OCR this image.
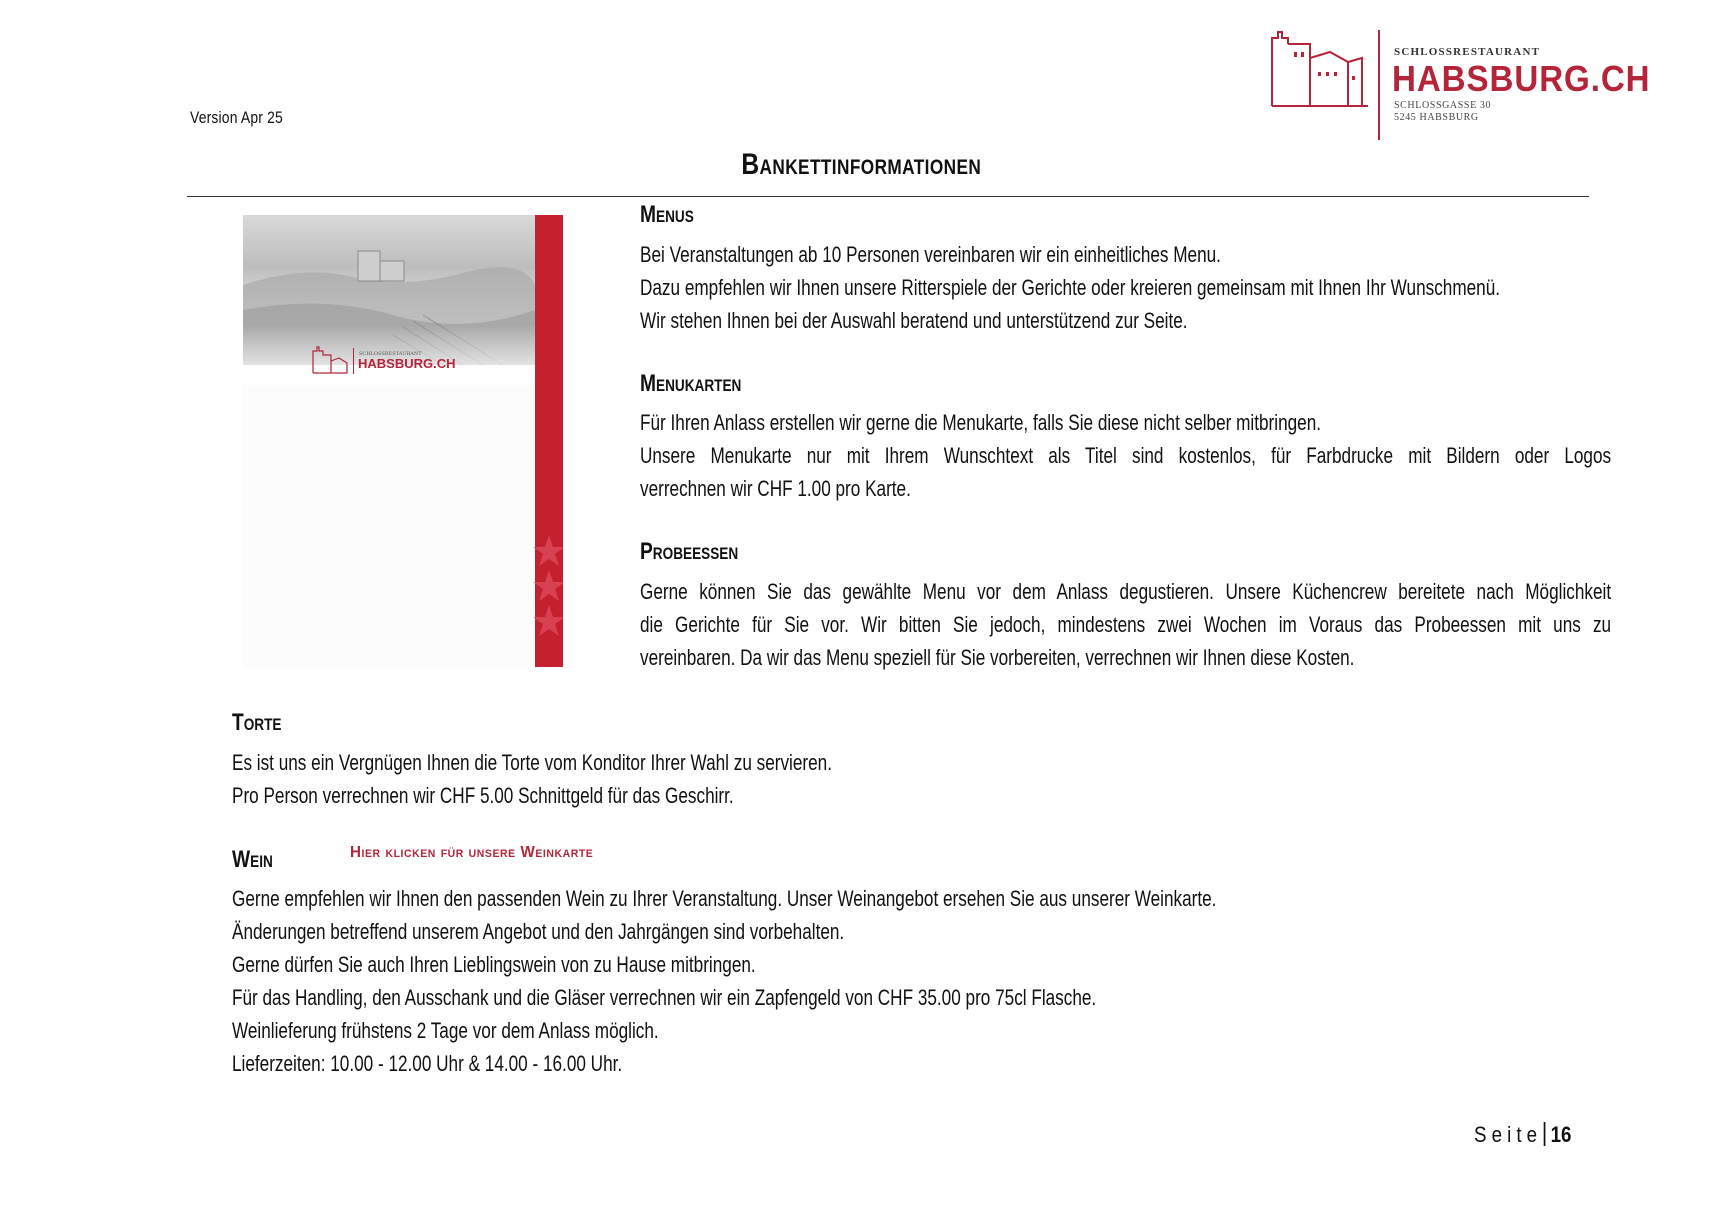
Version Apr 25
SCHLOSSRESTAURANT
HABSBURG.CH
SCHLOSSGASSE 30
5245 HABSBURG
Bankettinformationen
SCHLOSSRESTAURANT
HABSBURG.CH
Menus
Bei Veranstaltungen ab 10 Personen vereinbaren wir ein einheitliches Menu.
Dazu empfehlen wir Ihnen unsere Ritterspiele der Gerichte oder kreieren gemeinsam mit Ihnen Ihr Wunschmenü.
Wir stehen Ihnen bei der Auswahl beratend und unterstützend zur Seite.
Menukarten
Für Ihren Anlass erstellen wir gerne die Menukarte, falls Sie diese nicht selber mitbringen.
Unsere Menukarte nur mit Ihrem Wunschtext als Titel sind kostenlos, für Farbdrucke mit Bildern oder Logos
verrechnen wir CHF 1.00 pro Karte.
Probeessen
Gerne können Sie das gewählte Menu vor dem Anlass degustieren. Unsere Küchencrew bereitete nach Möglichkeit
die Gerichte für Sie vor. Wir bitten Sie jedoch, mindestens zwei Wochen im Voraus das Probeessen mit uns zu
vereinbaren. Da wir das Menu speziell für Sie vorbereiten, verrechnen wir Ihnen diese Kosten.
Torte
Es ist uns ein Vergnügen Ihnen die Torte vom Konditor Ihrer Wahl zu servieren.
Pro Person verrechnen wir CHF 5.00 Schnittgeld für das Geschirr.
Wein	Hier klicken für unsere Weinkarte
Gerne empfehlen wir Ihnen den passenden Wein zu Ihrer Veranstaltung. Unser Weinangebot ersehen Sie aus unserer Weinkarte.
Änderungen betreffend unserem Angebot und den Jahrgängen sind vorbehalten.
Gerne dürfen Sie auch Ihren Lieblingswein von zu Hause mitbringen.
Für das Handling, den Ausschank und die Gläser verrechnen wir ein Zapfengeld von CHF 35.00 pro 75cl Flasche.
Weinlieferung frühstens 2 Tage vor dem Anlass möglich.
Lieferzeiten: 10.00 - 12.00 Uhr & 14.00 - 16.00 Uhr.
Seite 16
